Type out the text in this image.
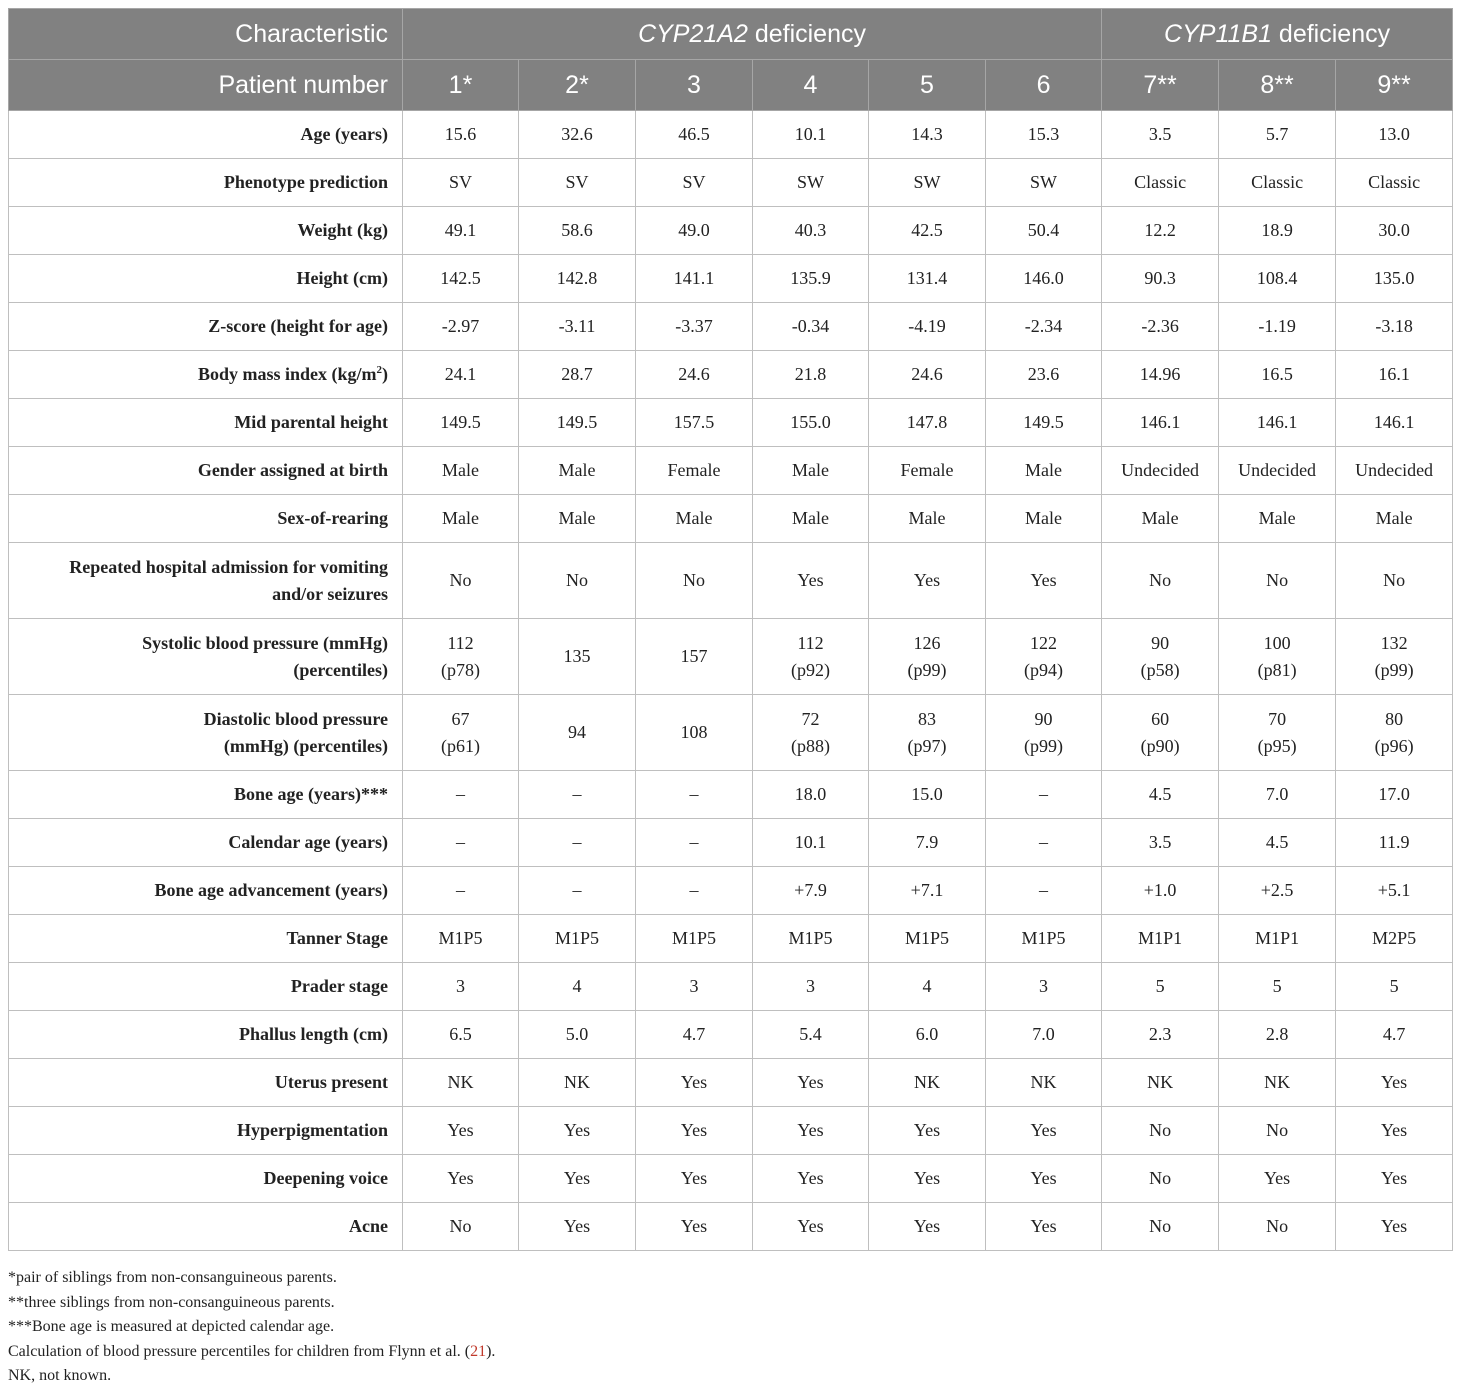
Characteristic	CYP21A2 deficiency						CYP11B1 deficiency		
Patient number	1*	2*	3	4	5	6	7**	8**	9**

Age (years)	15.6	32.6	46.5	10.1	14.3	15.3	3.5	5.7	13.0

Phenotype prediction	SV	SV	SV	SW	SW	SW	Classic	Classic	Classic

Weight (kg)	49.1	58.6	49.0	40.3	42.5	50.4	12.2	18.9	30.0

Height (cm)	142.5	142.8	141.1	135.9	131.4	146.0	90.3	108.4	135.0

Z-score (height for age)	-2.97	-3.11	-3.37	-0.34	-4.19	-2.34	-2.36	-1.19	-3.18

Body mass index $(kg/m^2)$	24.1	28.7	24.6	21.8	24.6	23.6	14.96	16.5	16.1

Mid parental height	149.5	149.5	157.5	155.0	147.8	149.5	146.1	146.1	146.1

Gender assigned at birth	Male	Male	Female	Male	Female	Male	Undecided	Undecided	Undecided

Sex-of-rearing	Male	Male	Male	Male	Male	Male	Male	Male	Male

Repeated hospital admission for vomiting
and/or seizures	No	No	No	Yes	Yes	Yes	No	No	No

Systolic blood pressure (mmHg)
(percentiles)	112
(p78)	135	157	112
(p92)	126
(p99)	122
(p94)	90
(p58)	100
(p81)	132
(p99)

Diastolic blood pressure
(mmHg) (percentiles)	67
(p61)	94	108	72
(p88)	83
(p97)	90
(p99)	60
(p90)	70
(p95)	80
(p96)

Bone age (years)***	–	–	–	18.0	15.0	–	4.5	7.0	17.0

Calendar age (years)	–	–	–	10.1	7.9	–	3.5	4.5	11.9

Bone age advancement (years)	–	–	–	+7.9	+7.1	–	+1.0	+2.5	+5.1

Tanner Stage	M1P5	M1P5	M1P5	M1P5	M1P5	M1P5	M1P1	M1P1	M2P5

Prader stage	3	4	3	3	4	3	5	5	5

Phallus length (cm)	6.5	5.0	4.7	5.4	6.0	7.0	2.3	2.8	4.7

Uterus present	NK	NK	Yes	Yes	NK	NK	NK	NK	Yes

Hyperpigmentation	Yes	Yes	Yes	Yes	Yes	Yes	No	No	Yes

Deepening voice	Yes	Yes	Yes	Yes	Yes	Yes	No	Yes	Yes

Acne	No	Yes	Yes	Yes	Yes	Yes	No	No	Yes
*pair of siblings from non-consanguineous parents.
**three siblings from non-consanguineous parents.
***Bone age is measured at depicted calendar age.
Calculation of blood pressure percentiles for children from Flynn et al. (21).
NK, not known.
